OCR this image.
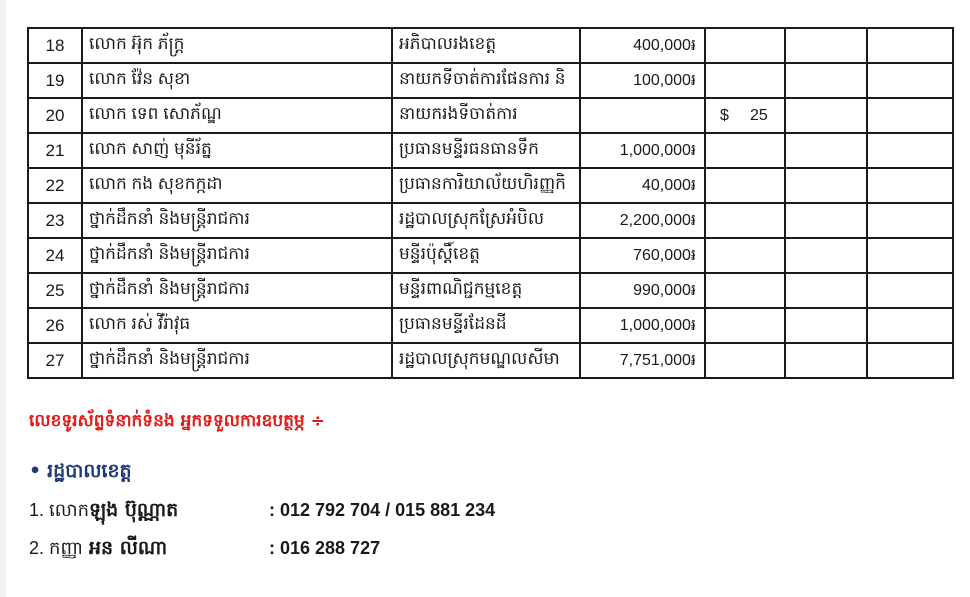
18	លោក អ៊ុក ភ័ក្រ្ត	អភិបាលរងខេត្ត	400,000៛			
19	លោក វ៉ែន សុខា	នាយកទីចាត់ការផែនការ និ	100,000៛			
20	លោក ទេព សោភ័ណ្ឌ	នាយករងទីចាត់ការ		$ 25		
21	លោក សាញ់ មុនីរ័ត្ន	ប្រធានមន្ទីរធនធានទឹក	1,000,000៛			
22	លោក កង សុខកក្កដា	ប្រធានការិយាល័យហិរញ្ញកិ	40,000៛			
23	ថ្នាក់ដឹកនាំ និងមន្ត្រីរាជការ	រដ្ឋបាលស្រុកស្រែអំបិល	2,200,000៛			
24	ថ្នាក់ដឹកនាំ និងមន្ត្រីរាជការ	មន្ទីរប៉ុស្តិ៍ខេត្ត	760,000៛			
25	ថ្នាក់ដឹកនាំ និងមន្ត្រីរាជការ	មន្ទីរពាណិជ្ជកម្មខេត្ត	990,000៛			
26	លោក រស់ វីរ៉ាវុធ	ប្រធានមន្ទីរដែនដី	1,000,000៛			
27	ថ្នាក់ដឹកនាំ និងមន្ត្រីរាជការ	រដ្ឋបាលស្រុកមណ្ឌលសីមា	7,751,000៛			
លេខទូរស័ព្ទទំនាក់ទំនង អ្នកទទួលការឧបត្ថម្ភ ÷
• រដ្ឋបាលខេត្ត
1. លោក ឡុង ប៊ុណ្ណាត	: 012 792 704 / 015 881 234
2. កញ្ញា អន លីណា	: 016 288 727
